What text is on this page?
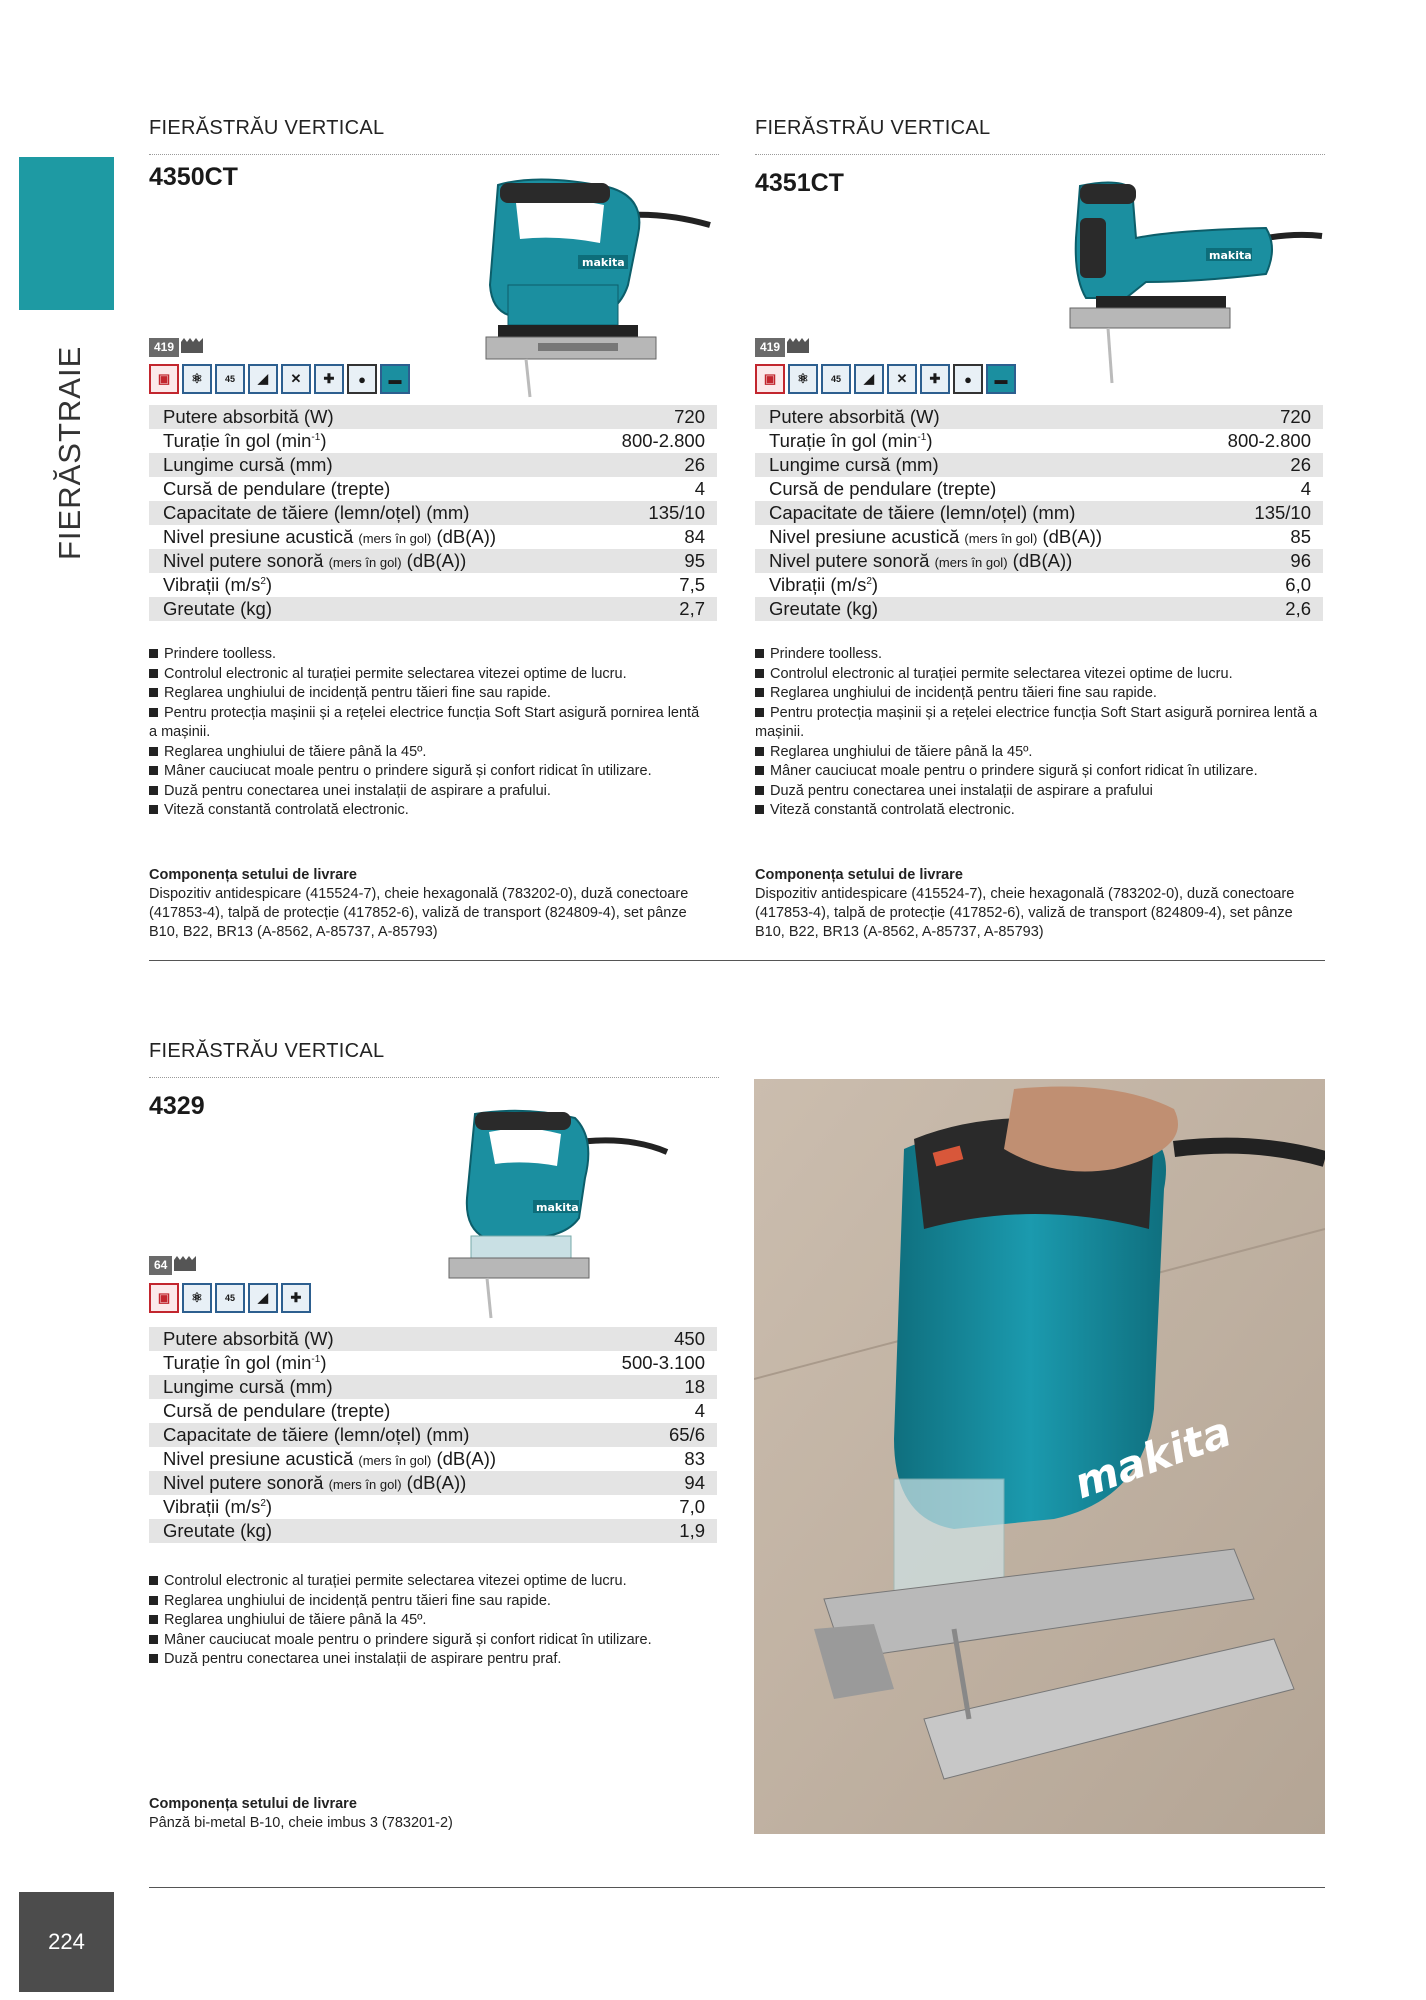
FIERĂSTRAIE
224
FIERĂSTRĂU VERTICAL
4350CT
makita
419
▣	⚛	45	◢	✕	✚	●	▬
Putere absorbită (W)	720
Turație în gol $(\min^{-1})$	800-2.800
Lungime cursă (mm)	26
Cursă de pendulare (trepte)	4
Capacitate de tăiere (lemn/oțel) (mm)	135/10
Nivel presiune acustică (mers în gol) (dB(A))	84
Nivel putere sonoră (mers în gol) (dB(A))	95
Vibrații $(m/s^2)$	7,5
Greutate (kg)	2,7
Prindere toolless.
Controlul electronic al turației permite selectarea vitezei optime de lucru.
Reglarea unghiului de incidență pentru tăieri fine sau rapide.
Pentru protecția mașinii și a rețelei electrice funcția Soft Start asigură pornirea lentă a mașinii.
Reglarea unghiului de tăiere până la 45º.
Mâner cauciucat moale pentru o prindere sigură și confort ridicat în utilizare.
Duză pentru conectarea unei instalații de aspirare a prafului.
Viteză constantă controlată electronic.
Componența setului de livrare
Dispozitiv antidespicare (415524-7), cheie hexagonală (783202-0), duză conectoare (417853-4), talpă de protecție (417852-6), valiză de transport (824809-4), set pânze B10, B22, BR13 (A-8562, A-85737, A-85793)
FIERĂSTRĂU VERTICAL
4351CT
makita
419
▣	⚛	45	◢	✕	✚	●	▬
Putere absorbită (W)	720
Turație în gol $(\min^{-1})$	800-2.800
Lungime cursă (mm)	26
Cursă de pendulare (trepte)	4
Capacitate de tăiere (lemn/oțel) (mm)	135/10
Nivel presiune acustică (mers în gol) (dB(A))	85
Nivel putere sonoră (mers în gol) (dB(A))	96
Vibrații $(m/s^2)$	6,0
Greutate (kg)	2,6
Prindere toolless.
Controlul electronic al turației permite selectarea vitezei optime de lucru.
Reglarea unghiului de incidență pentru tăieri fine sau rapide.
Pentru protecția mașinii și a rețelei electrice funcția Soft Start asigură pornirea lentă a mașinii.
Reglarea unghiului de tăiere până la 45º.
Mâner cauciucat moale pentru o prindere sigură și confort ridicat în utilizare.
Duză pentru conectarea unei instalații de aspirare a prafului
Viteză constantă controlată electronic.
Componența setului de livrare
Dispozitiv antidespicare (415524-7), cheie hexagonală (783202-0), duză conectoare (417853-4), talpă de protecție (417852-6), valiză de transport (824809-4), set pânze B10, B22, BR13 (A-8562, A-85737, A-85793)
FIERĂSTRĂU VERTICAL
4329
makita
64
▣	⚛	45	◢	✚
Putere absorbită (W)	450
Turație în gol $(\min^{-1})$	500-3.100
Lungime cursă (mm)	18
Cursă de pendulare (trepte)	4
Capacitate de tăiere (lemn/oțel) (mm)	65/6
Nivel presiune acustică (mers în gol) (dB(A))	83
Nivel putere sonoră (mers în gol) (dB(A))	94
Vibrații $(m/s^2)$	7,0
Greutate (kg)	1,9
Controlul electronic al turației permite selectarea vitezei optime de lucru.
Reglarea unghiului de incidență pentru tăieri fine sau rapide.
Reglarea unghiului de tăiere până la 45º.
Mâner cauciucat moale pentru o prindere sigură și confort ridicat în utilizare.
Duză pentru conectarea unei instalații de aspirare pentru praf.
Componența setului de livrare
Pânză bi-metal B-10, cheie imbus 3 (783201-2)
makita
